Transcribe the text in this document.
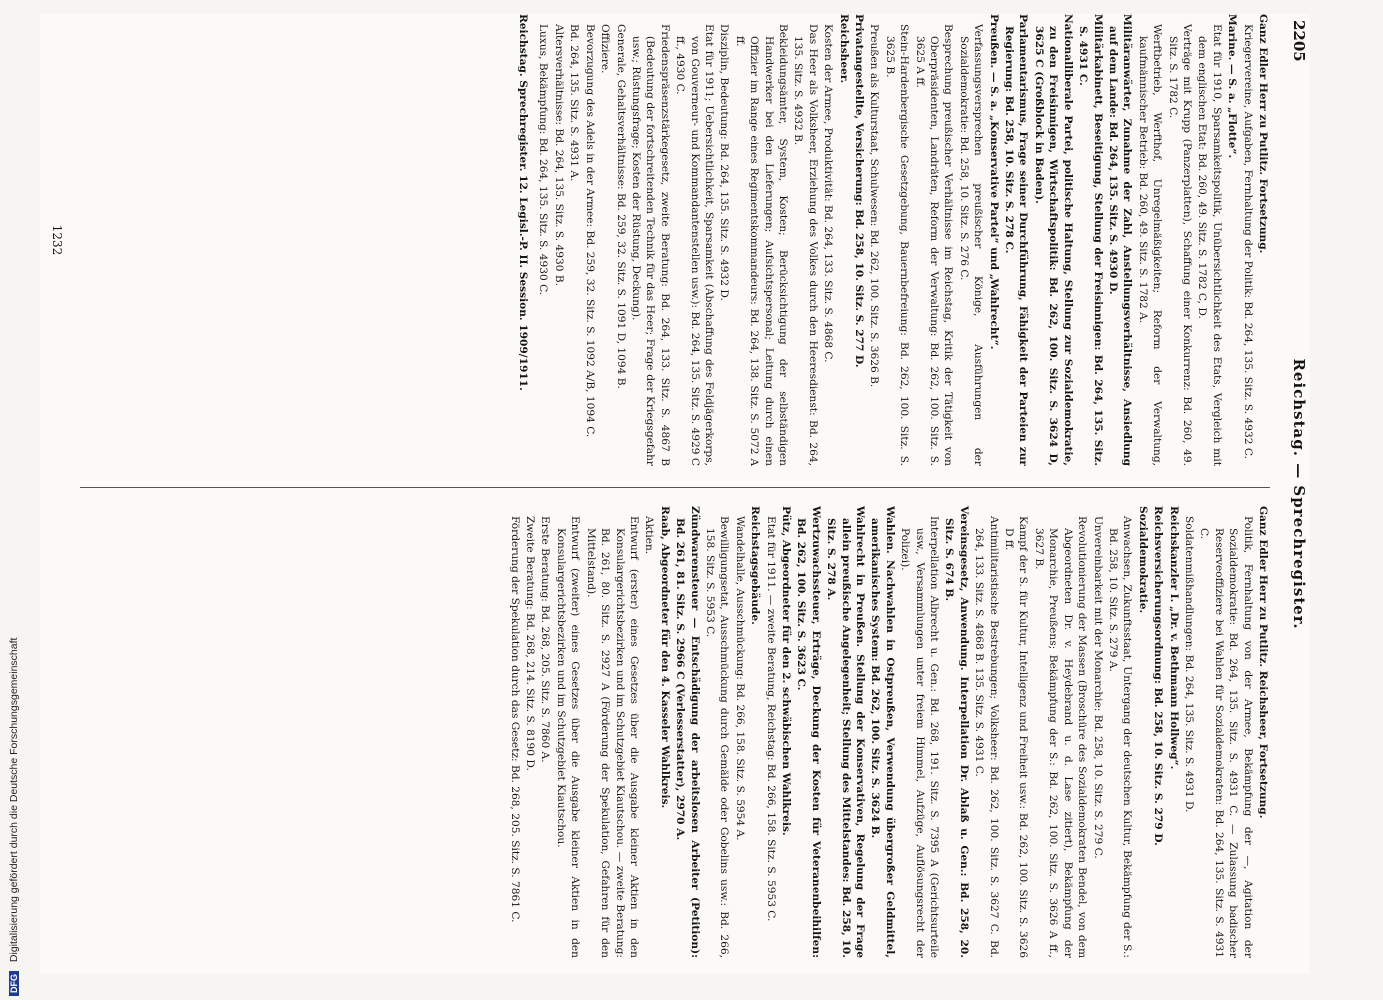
2205
Reichstag. — Sprechregister.

Ganz Edler Herr zu Putlitz. Fortsetzung.

Kriegervereine, Aufgaben, Fernhaltung der Politik: Bd. 264, 135. Sitz. S. 4932 C.

Marine. — S. a. „Flotte“.

Etat für 1910, Sparsamkeitspolitik, Unübersichtlichkeit des Etats, Vergleich mit dem englischen Etat: Bd. 260, 49. Sitz. S. 1782 C, D.

Verträge mit Krupp (Panzerplatten), Schaffung einer Konkurrenz: Bd. 260, 49. Sitz. S. 1782 C.

Werftbetrieb, Werfthof, Unregelmäßigkeiten; Reform der Verwaltung, kaufmännischer Betrieb: Bd. 260, 49. Sitz. S. 1782 A.

Militäranwärter, Zunahme der Zahl, Anstellungsverhältnisse, Ansiedlung auf dem Lande: Bd. 264, 135. Sitz. S. 4930 D.

Militärkabinett, Beseitigung, Stellung der Freisinnigen: Bd. 264, 135. Sitz. S. 4931 C.

Nationalliberale Partei, politische Haltung, Stellung zur Sozialdemokratie, zu den Freisinnigen, Wirtschaftspolitik: Bd. 262, 100. Sitz. S. 3624 D, 3625 C (Großblock in Baden).

Parlamentarismus, Frage seiner Durchführung, Fähigkeit der Parteien zur Regierung: Bd. 258, 10. Sitz. S. 278 C.

Preußen. — S. a. „Konservative Partei“ und „Wahlrecht“.

Verfassungsversprechen preußischer Könige, Ausführungen der Sozialdemokratie: Bd. 258, 10. Sitz. S. 276 C.

Besprechung preußischer Verhältnisse im Reichstag, Kritik der Tätigkeit von Oberpräsidenten, Landräten, Reform der Verwaltung: Bd. 262, 100. Sitz. S. 3625 A ff.

Stein-Hardenbergische Gesetzgebung, Bauernbefreiung: Bd. 262, 100. Sitz. S. 3625 B.

Preußen als Kulturstaat, Schulwesen: Bd. 262, 100. Sitz. S. 3626 B.

Privatangestellte, Versicherung: Bd. 258, 10. Sitz. S. 277 D.

Reichsheer.

Kosten der Armee, Produktivität: Bd. 264, 133. Sitz. S. 4868 C.

Das Heer als Volksheer, Erziehung des Volkes durch den Heeresdienst: Bd. 264, 135. Sitz. S. 4932 B.

Bekleidungsämter, System, Kosten; Berücksichtigung der selbständigen Handwerker bei den Lieferungen; Aufsichtspersonal; Leitung durch einen Offizier im Range eines Regimentskommandeurs: Bd. 264, 138. Sitz. S. 5072 A ff.

Disziplin, Bedeutung: Bd. 264, 135. Sitz. S. 4932 D.

Etat für 1911; Uebersichtlichkeit, Sparsamkeit (Abschaffung des Feldjägerkorps, von Gouverneur- und Kommandantenstellen usw.): Bd. 264, 135. Sitz. S. 4929 C ff., 4930 C.

Friedenspräsenzstärkegesetz, zweite Beratung: Bd. 264, 133. Sitz. S. 4867 B (Bedeutung der fortschreitenden Technik für das Heer; Frage der Kriegsgefahr usw.; Rüstungsfrage; Kosten der Rüstung, Deckung).

Generale, Gehaltsverhältnisse: Bd. 259, 32. Sitz. S. 1091 D, 1094 B.

Offiziere.

Bevorzugung des Adels in der Armee: Bd. 259, 32. Sitz. S. 1092 A/B, 1094 C.

Bd. 264, 135. Sitz. S. 4931 A.

Altersverhältnisse: Bd. 264, 135. Sitz. S. 4930 B.

Luxus, Bekämpfung: Bd. 264, 135. Sitz. S. 4930 C.

Reichstag. Sprechregister. 12. Legisl.-P. II. Session. 1909/1911.

Ganz Edler Herr zu Putlitz. Reichsheer, Fortsetzung.

Politik, Fernhaltung von der Armee, Bekämpfung der —, Agitation der Sozialdemokratie: Bd. 264, 135. Sitz. S. 4931 C. — Zulassung badischer Reserveoffiziere bei Wahlen für Sozialdemokraten: Bd. 264, 135. Sitz. S. 4931 C.

Soldatenmißhandlungen: Bd. 264, 135. Sitz. S. 4931 D.

Reichskanzler I. „Dr. v. Bethmann Hollweg“.

Reichsversicherungsordnung: Bd. 258, 10. Sitz. S. 279 D.

Sozialdemokratie.

Anwachsen, Zukunftsstaat, Untergang der deutschen Kultur, Bekämpfung der S.: Bd. 258, 10. Sitz. S. 279 A.

Unvereinbarkeit mit der Monarchie: Bd. 258, 10. Sitz. S. 279 C.

Revolutionierung der Massen (Broschüre des Sozialdemokraten Bendel, von dem Abgeordneten Dr. v. Heydebrand u. d. Lase zitiert), Bekämpfung der Monarchie, Preußens; Bekämpfung der S.: Bd. 262, 100. Sitz. S. 3626 A ff., 3627 B.

Kampf der S. für Kultur, Intelligenz und Freiheit usw.: Bd. 262, 100. Sitz. S. 3626 D ff.

Antimilitaristische Bestrebungen; Volksheer: Bd. 262, 100. Sitz. S. 3627 C. Bd. 264, 133. Sitz. S. 4868 B. 135. Sitz. S. 4931 C.

Vereinsgesetz, Anwendung. Interpellation Dr. Ablaß u. Gen.: Bd. 258, 20. Sitz. S. 674 B.

Interpellation Albrecht u. Gen.: Bd. 268, 191. Sitz. S. 7395 A (Gerichtsurteile usw., Versammlungen unter freiem Himmel, Aufzüge, Auflösungsrecht der Polizei).

Wahlen. Nachwahlen in Ostpreußen, Verwendung übergroßer Geldmittel, amerikanisches System: Bd. 262, 100. Sitz. S. 3624 B.

Wahlrecht in Preußen. Stellung der Konservativen, Regelung der Frage allein preußische Angelegenheit; Stellung des Mittelstandes: Bd. 258, 10. Sitz. S. 278 A.

Wertzuwachssteuer, Erträge, Deckung der Kosten für Veteranenbeihilfen: Bd. 262, 100. Sitz. S. 3623 C.

Pütz, Abgeordneter für den 2. schwäbischen Wahlkreis.

Etat für 1911. — zweite Beratung, Reichstag: Bd. 266, 158. Sitz. S. 5953 C.

Reichstagsgebäude.

Wandelhalle, Ausschmückung: Bd. 266, 158. Sitz. S. 5954 A.

Bewilligungsetat, Ausschmückung durch Gemälde oder Gobelins usw.: Bd. 266, 158. Sitz. S. 5953 C.

Zündwarensteuer — Entschädigung der arbeitslosen Arbeiter (Petition): Bd. 261, 81. Sitz. S. 2966 C (Verlesserstatter), 2970 A.

Raab, Abgeordneter für den 4. Kasseler Wahlkreis.

Aktien.

Entwurf (erster) eines Gesetzes über die Ausgabe kleiner Aktien in den Konsulargerichtsbezirken und im Schutzgebiet Kiautschou. — zweite Beratung: Bd. 261, 80. Sitz. S. 2927 A (Förderung der Spekulation, Gefahren für den Mittelstand).

Entwurf (zweiter) eines Gesetzes über die Ausgabe kleiner Aktien in den Konsulargerichtsbezirken und im Schutzgebiet Kiautschou.

Erste Beratung: Bd. 268, 205. Sitz. S. 7860 A.

Zweite Beratung: Bd. 268, 214. Sitz. S. 8190 D.

Förderung der Spekulation durch das Gesetz: Bd. 268, 205. Sitz. S. 7861 C.

1232
DFG Digitalisierung gefördert durch die Deutsche Forschungsgemeinschaft
